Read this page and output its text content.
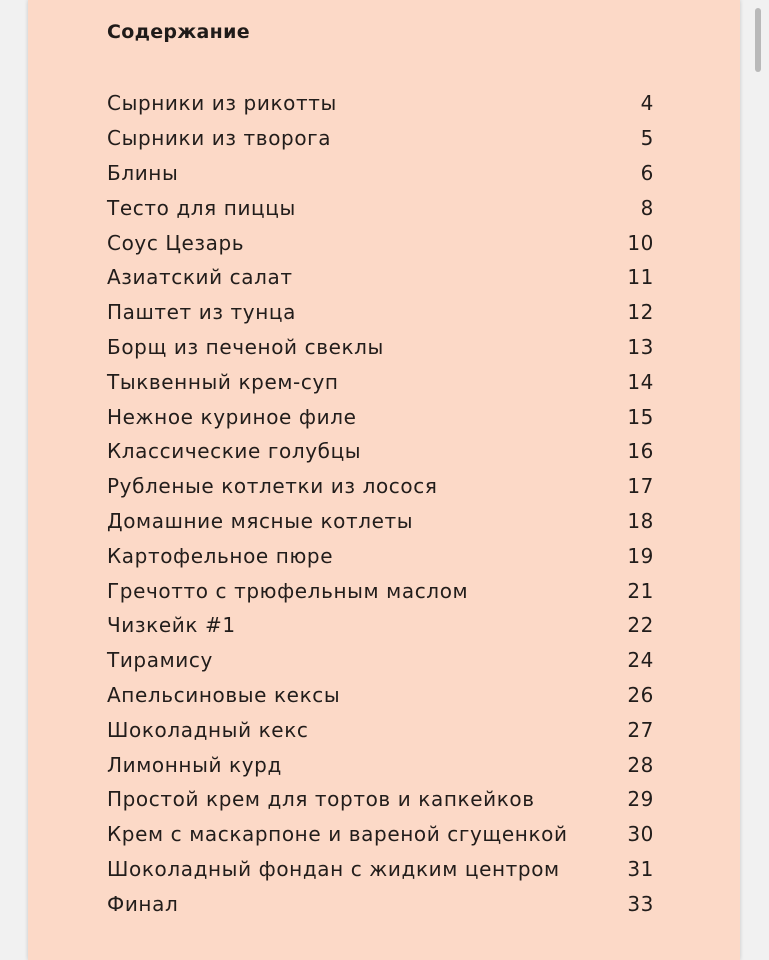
Содержание
Сырники из рикотты	4
Сырники из творога	5
Блины	6
Тесто для пиццы	8
Соус Цезарь	10
Азиатский салат	11
Паштет из тунца	12
Борщ из печеной свеклы	13
Тыквенный крем-суп	14
Нежное куриное филе	15
Классические голубцы	16
Рубленые котлетки из лосося	17
Домашние мясные котлеты	18
Картофельное пюре	19
Гречотто с трюфельным маслом	21
Чизкейк #1	22
Тирамису	24
Апельсиновые кексы	26
Шоколадный кекс	27
Лимонный курд	28
Простой крем для тортов и капкейков	29
Крем с маскарпоне и вареной сгущенкой	30
Шоколадный фондан с жидким центром	31
Финал	33
